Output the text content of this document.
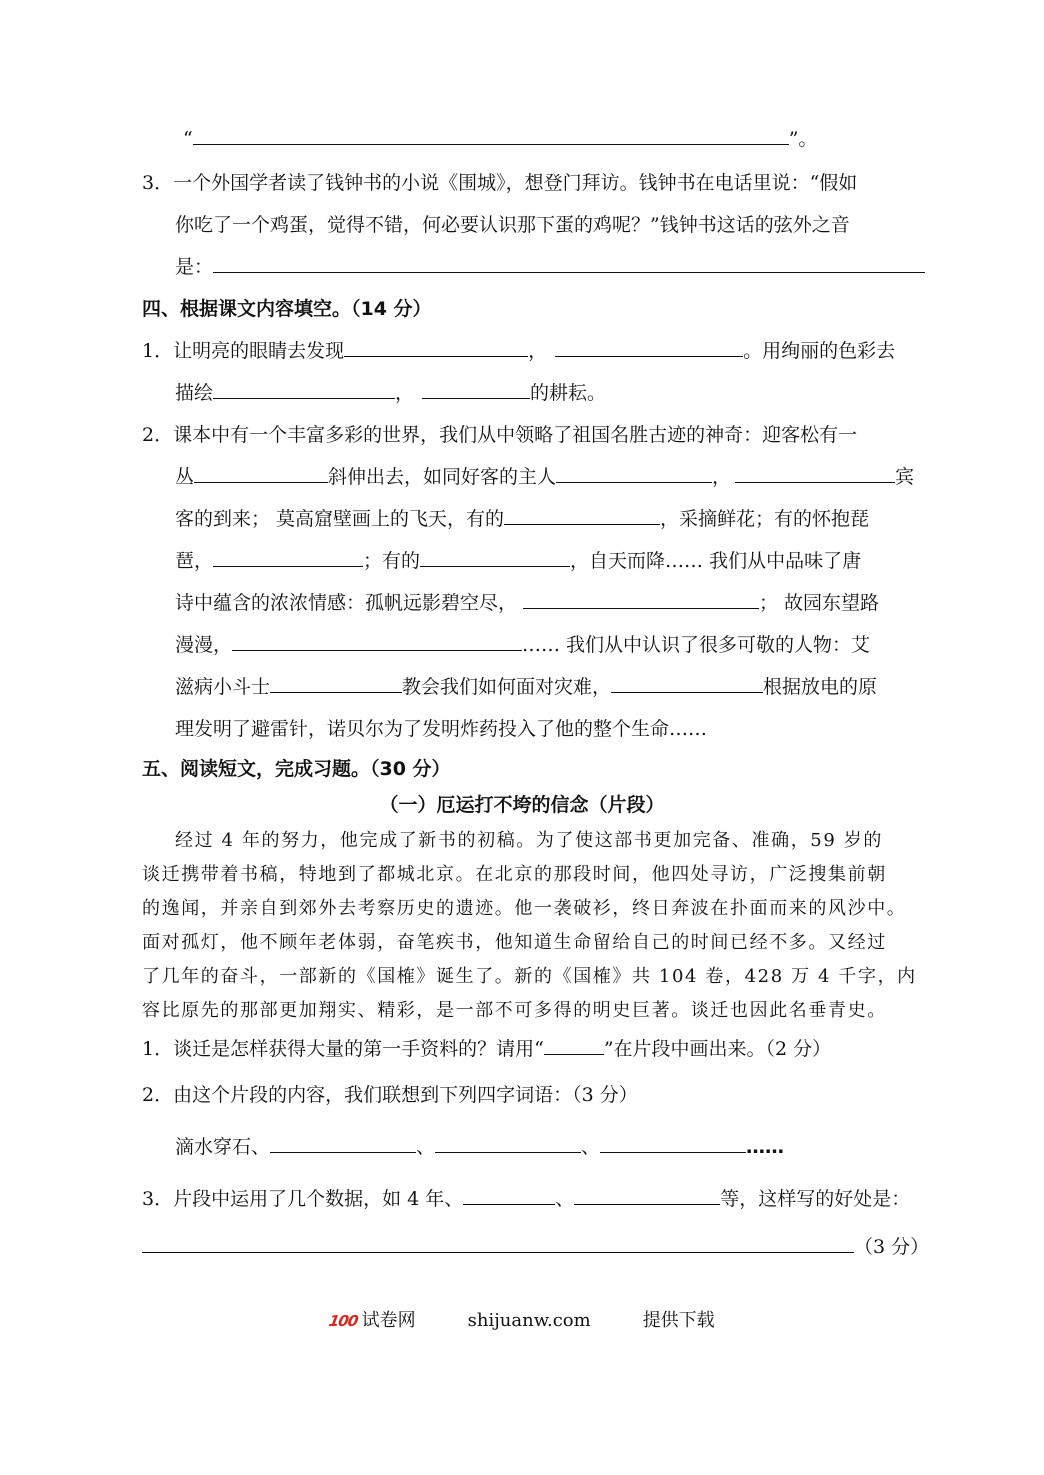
“	”。
3．一个外国学者读了钱钟书的小说《围城》，想登门拜访。钱钟书在电话里说：“假如
你吃了一个鸡蛋，觉得不错，何必要认识那下蛋的鸡呢？”钱钟书这话的弦外之音
是：
四、根据课文内容填空。（14 分）
1．让明亮的眼睛去发现	，	。用绚丽的色彩去
描绘	，	的耕耘。
2．课本中有一个丰富多彩的世界，我们从中领略了祖国名胜古迹的神奇：迎客松有一
丛	斜伸出去，如同好客的主人	，	宾
客的到来； 莫高窟壁画上的飞天，有的	，采摘鲜花；有的怀抱琵
琶，	；有的	，自天而降…… 我们从中品味了唐
诗中蕴含的浓浓情感：孤帆远影碧空尽，	； 故园东望路
漫漫，	…… 我们从中认识了很多可敬的人物：艾
滋病小斗士	教会我们如何面对灾难，	根据放电的原
理发明了避雷针，诺贝尔为了发明炸药投入了他的整个生命……
五、阅读短文，完成习题。（30 分）
（一）厄运打不垮的信念（片段）
经过 4 年的努力，他完成了新书的初稿。为了使这部书更加完备、准确，59 岁的
谈迁携带着书稿，特地到了都城北京。在北京的那段时间，他四处寻访，广泛搜集前朝
的逸闻，并亲自到郊外去考察历史的遗迹。他一袭破衫，终日奔波在扑面而来的风沙中。
面对孤灯，他不顾年老体弱，奋笔疾书，他知道生命留给自己的时间已经不多。又经过
了几年的奋斗，一部新的《国榷》诞生了。新的《国榷》共 104 卷，428 万 4 千字，内
容比原先的那部更加翔实、精彩，是一部不可多得的明史巨著。谈迁也因此名垂青史。
1．谈迁是怎样获得大量的第一手资料的？请用“	”在片段中画出来。（2 分）
2．由这个片段的内容，我们联想到下列四字词语：（3 分）
滴水穿石、	、	、	……
3．片段中运用了几个数据，如 4 年、	、	等，这样写的好处是：
（3 分）
100 试卷网	shijuanw.com	提供下载
